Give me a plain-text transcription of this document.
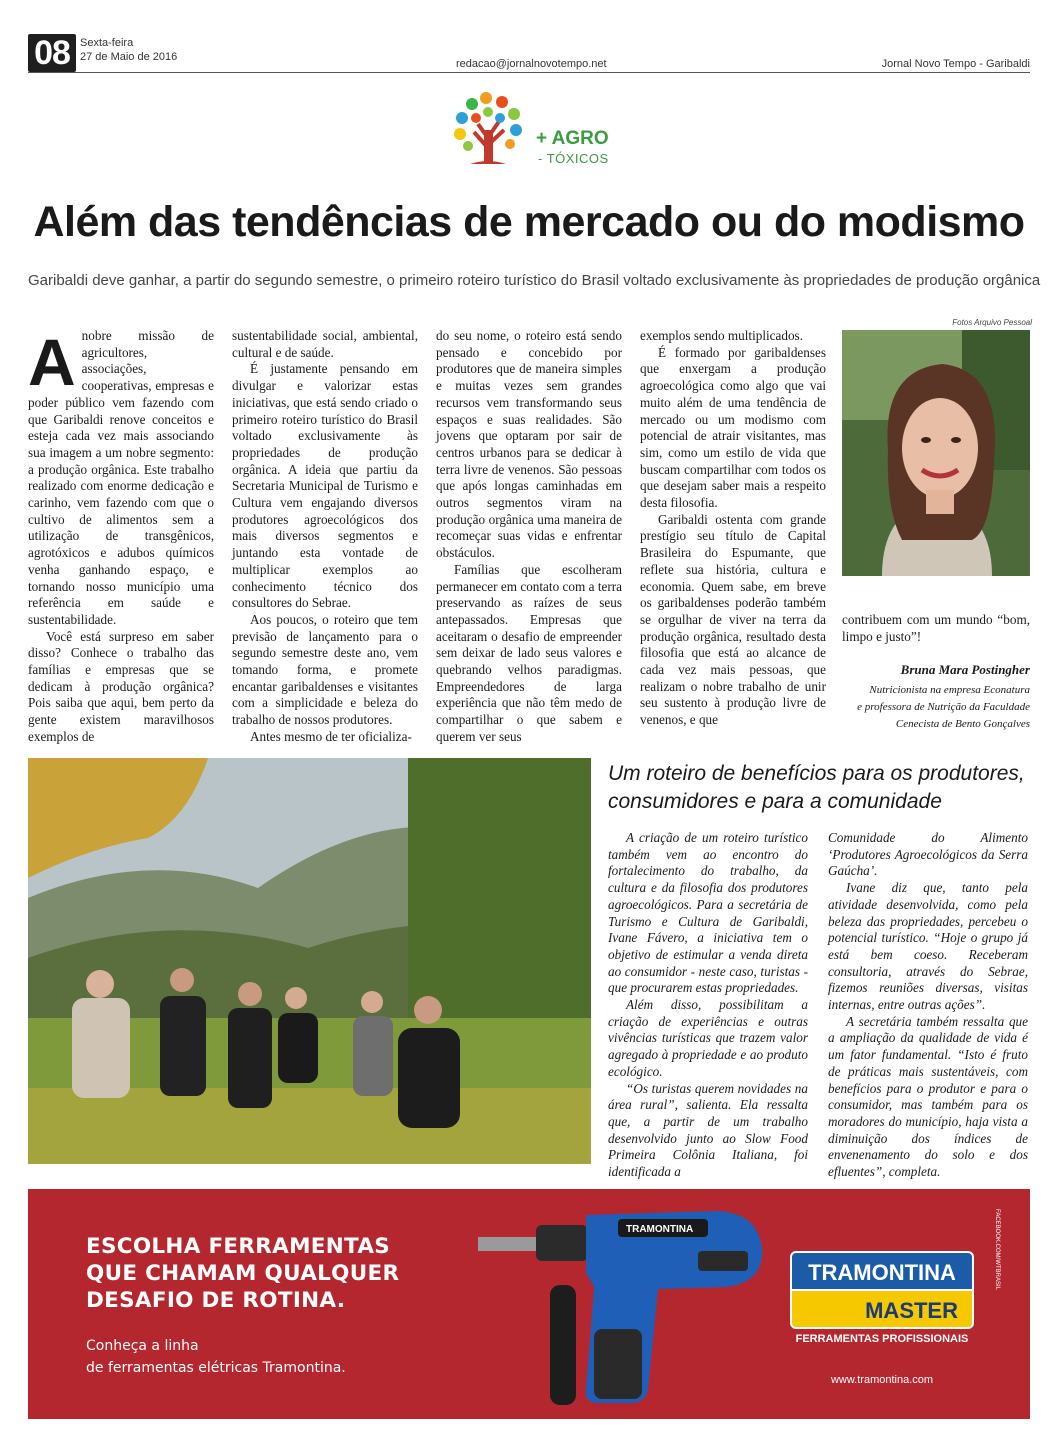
08 Sexta-feira
27 de Maio de 2016
redacao@jornalnovotempo.net	Jornal Novo Tempo - Garibaldi
+ AGRO
- TÓXICOS
Além das tendências de mercado ou do modismo
Garibaldi deve ganhar, a partir do segundo semestre, o primeiro roteiro turístico do Brasil voltado exclusivamente às propriedades de produção orgânica
A nobre missão de agricultores, associações, cooperativas, empresas e poder público vem fazendo com que Garibaldi renove conceitos e esteja cada vez mais associando sua imagem a um nobre segmento: a produção orgânica. Este trabalho realizado com enorme dedicação e carinho, vem fazendo com que o cultivo de alimentos sem a utilização de transgênicos, agrotóxicos e adubos químicos venha ganhando espaço, e tornando nosso município uma referência em saúde e sustentabilidade.

Você está surpreso em saber disso? Conhece o trabalho das famílias e empresas que se dedicam à produção orgânica? Pois saiba que aqui, bem perto da gente existem maravilhosos exemplos de

sustentabilidade social, ambiental, cultural e de saúde.

É justamente pensando em divulgar e valorizar estas iniciativas, que está sendo criado o primeiro roteiro turístico do Brasil voltado exclusivamente às propriedades de produção orgânica. A ideia que partiu da Secretaria Municipal de Turismo e Cultura vem engajando diversos produtores agroecológicos dos mais diversos segmentos e juntando esta vontade de multiplicar exemplos ao conhecimento técnico dos consultores do Sebrae.

Aos poucos, o roteiro que tem previsão de lançamento para o segundo semestre deste ano, vem tomando forma, e promete encantar garibaldenses e visitantes com a simplicidade e beleza do trabalho de nossos produtores.

Antes mesmo de ter oficializa-

do seu nome, o roteiro está sendo pensado e concebido por produtores que de maneira simples e muitas vezes sem grandes recursos vem transformando seus espaços e suas realidades. São jovens que optaram por sair de centros urbanos para se dedicar à terra livre de venenos. São pessoas que após longas caminhadas em outros segmentos viram na produção orgânica uma maneira de recomeçar suas vidas e enfrentar obstáculos.

Famílias que escolheram permanecer em contato com a terra preservando as raízes de seus antepassados. Empresas que aceitaram o desafio de empreender sem deixar de lado seus valores e quebrando velhos paradigmas. Empreendedores de larga experiência que não têm medo de compartilhar o que sabem e querem ver seus

exemplos sendo multiplicados.

É formado por garibaldenses que enxergam a produção agroecológica como algo que vai muito além de uma tendência de mercado ou um modismo com potencial de atrair visitantes, mas sim, como um estilo de vida que buscam compartilhar com todos os que desejam saber mais a respeito desta filosofia.

Garibaldi ostenta com grande prestígio seu título de Capital Brasileira do Espumante, que reflete sua história, cultura e economia. Quem sabe, em breve os garibaldenses poderão também se orgulhar de viver na terra da produção orgânica, resultado desta filosofia que está ao alcance de cada vez mais pessoas, que realizam o nobre trabalho de unir seu sustento à produção livre de venenos, e que

Fotos Arquivo Pessoal

contribuem com um mundo “bom, limpo e justo”!

Bruna Mara Postingher
Nutricionista na empresa Econatura
e professora de Nutrição da Faculdade
Cenecista de Bento Gonçalves
Um roteiro de benefícios para os produtores, consumidores e para a comunidade

A criação de um roteiro turístico também vem ao encontro do fortalecimento do trabalho, da cultura e da filosofia dos produtores agroecológicos. Para a secretária de Turismo e Cultura de Garibaldi, Ivane Fávero, a iniciativa tem o objetivo de estimular a venda direta ao consumidor - neste caso, turistas - que procurarem estas propriedades.

Além disso, possibilitam a criação de experiências e outras vivências turísticas que trazem valor agregado à propriedade e ao produto ecológico.

“Os turistas querem novidades na área rural”, salienta. Ela ressalta que, a partir de um trabalho desenvolvido junto ao Slow Food Primeira Colônia Italiana, foi identificada a

Comunidade do Alimento ‘Produtores Agroecológicos da Serra Gaúcha’.

Ivane diz que, tanto pela atividade desenvolvida, como pela beleza das propriedades, percebeu o potencial turístico. “Hoje o grupo já está bem coeso. Receberam consultoria, através do Sebrae, fizemos reuniões diversas, visitas internas, entre outras ações”.

A secretária também ressalta que a ampliação da qualidade de vida é um fator fundamental. “Isto é fruto de práticas mais sustentáveis, com benefícios para o produtor e para o consumidor, mas também para os moradores do município, haja vista a diminuição dos índices de envenenamento do solo e dos efluentes”, completa.

ESCOLHA FERRAMENTAS
QUE CHAMAM QUALQUER
DESAFIO DE ROTINA.
Conheça a linha
de ferramentas elétricas Tramontina.
TRAMONTINA
TRAMONTINA
MASTER
FERRAMENTAS PROFISSIONAIS
www.tramontina.com
FACEBOOK.COM/WTBRASIL
